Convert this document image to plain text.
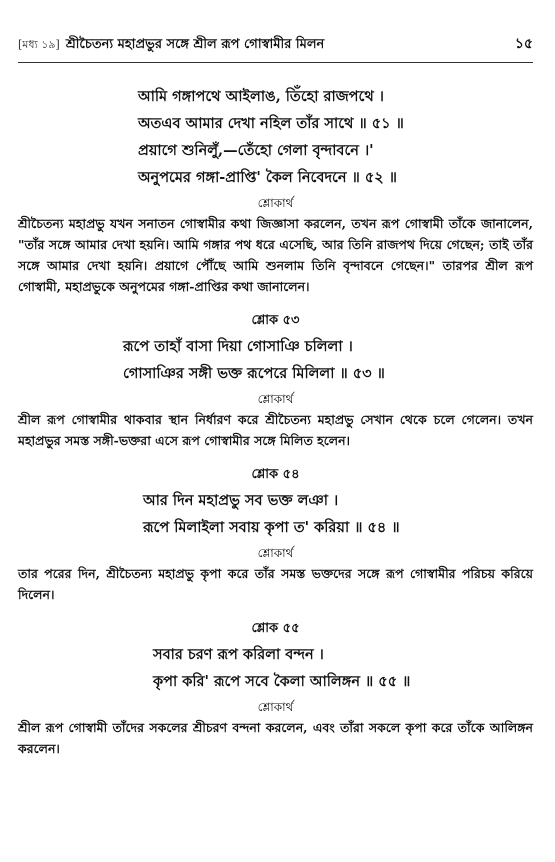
[মধ্য ১৯] শ্রীচৈতন্য মহাপ্রভুর সঙ্গে শ্রীল রূপ গোস্বামীর মিলন	১৫
আমি গঙ্গাপথে আইলাঙ, তিঁহো রাজপথে ।
অতএব আমার দেখা নহিল তাঁর সাথে ॥ ৫১ ॥
প্রয়াগে শুনিলুঁ,—তেঁহো গেলা বৃন্দাবনে ।'
অনুপমের গঙ্গা-প্রাপ্তি' কৈল নিবেদনে ॥ ৫২ ॥
শ্লোকার্থ

শ্রীচৈতন্য মহাপ্রভু যখন সনাতন গোস্বামীর কথা জিজ্ঞাসা করলেন, তখন রূপ গোস্বামী তাঁকে জানালেন, "তাঁর সঙ্গে আমার দেখা হয়নি। আমি গঙ্গার পথ ধরে এসেছি, আর তিনি রাজপথ দিয়ে গেছেন; তাই তাঁর সঙ্গে আমার দেখা হয়নি। প্রয়াগে পৌঁছে আমি শুনলাম তিনি বৃন্দাবনে গেছেন।" তারপর শ্রীল রূপ গোস্বামী, মহাপ্রভুকে অনুপমের গঙ্গা-প্রাপ্তির কথা জানালেন।

শ্লোক ৫৩
রূপে তাহাঁ বাসা দিয়া গোসাঞি চলিলা ।
গোসাঞির সঙ্গী ভক্ত রূপেরে মিলিলা ॥ ৫৩ ॥
শ্লোকার্থ

শ্রীল রূপ গোস্বামীর থাকবার স্থান নির্ধারণ করে শ্রীচৈতন্য মহাপ্রভু সেখান থেকে চলে গেলেন। তখন মহাপ্রভুর সমস্ত সঙ্গী-ভক্তরা এসে রূপ গোস্বামীর সঙ্গে মিলিত হলেন।

শ্লোক ৫৪
আর দিন মহাপ্রভু সব ভক্ত লঞা ।
রূপে মিলাইলা সবায় কৃপা ত' করিয়া ॥ ৫৪ ॥
শ্লোকার্থ

তার পরের দিন, শ্রীচৈতন্য মহাপ্রভু কৃপা করে তাঁর সমস্ত ভক্তদের সঙ্গে রূপ গোস্বামীর পরিচয় করিয়ে দিলেন।

শ্লোক ৫৫
সবার চরণ রূপ করিলা বন্দন ।
কৃপা করি' রূপে সবে কৈলা আলিঙ্গন ॥ ৫৫ ॥
শ্লোকার্থ

শ্রীল রূপ গোস্বামী তাঁদের সকলের শ্রীচরণ বন্দনা করলেন, এবং তাঁরা সকলে কৃপা করে তাঁকে আলিঙ্গন করলেন।
